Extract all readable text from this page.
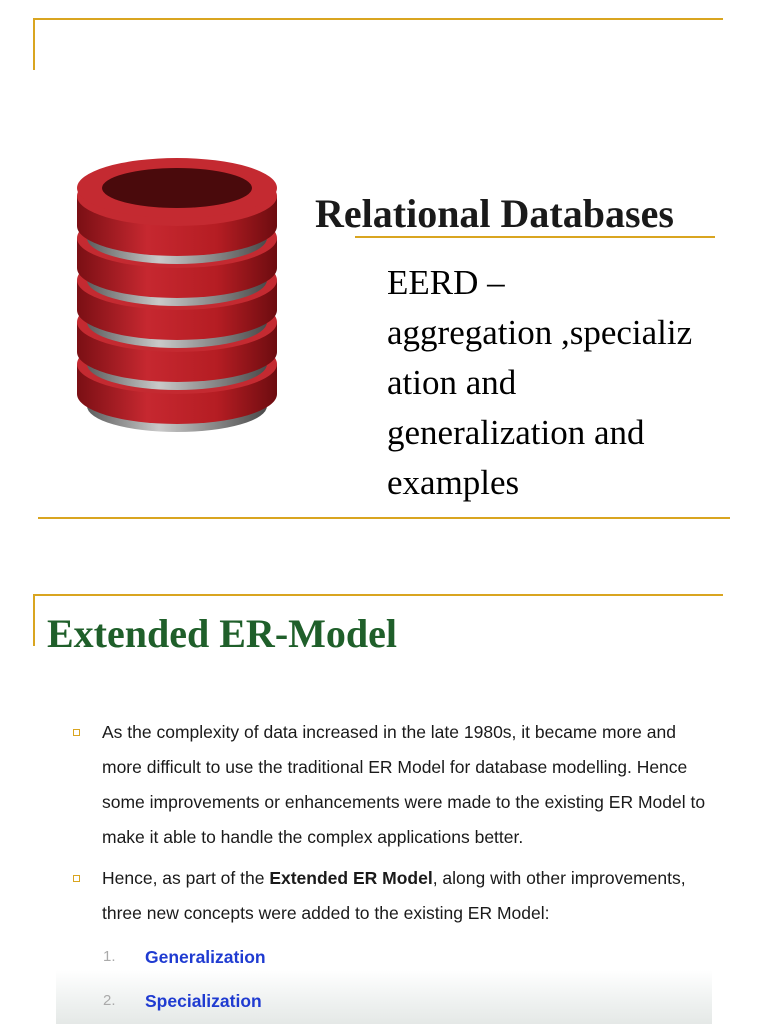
Relational Databases
EERD –
aggregation ,specializ
ation and
generalization and
examples
Extended ER-Model
As the complexity of data increased in the late 1980s, it became more and more difficult to use the traditional ER Model for database modelling. Hence some improvements or enhancements were made to the existing ER Model to make it able to handle the complex applications better.
Hence, as part of the Extended ER Model, along with other improvements, three new concepts were added to the existing ER Model:
1. Generalization
2. Specialization
